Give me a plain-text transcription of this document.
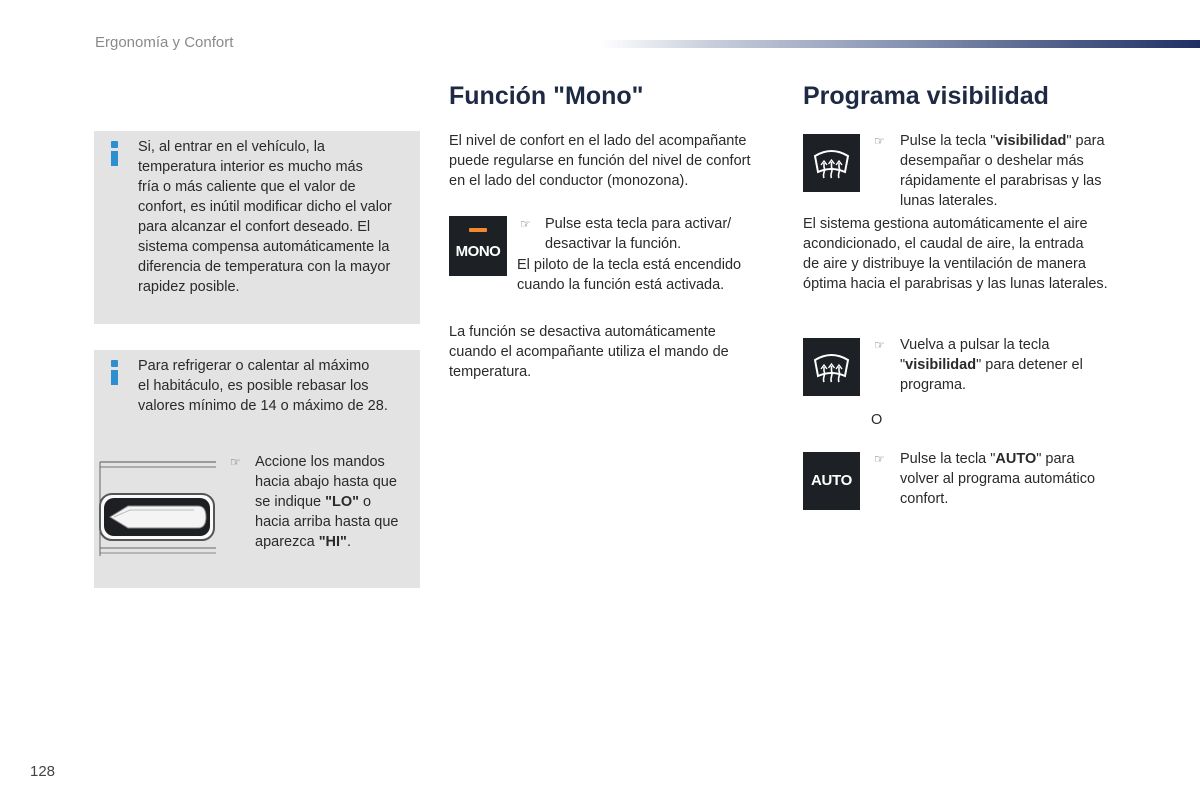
Ergonomía y Confort
Si, al entrar en el vehículo, la
temperatura interior es mucho más
fría o más caliente que el valor de
confort, es inútil modificar dicho el valor
para alcanzar el confort deseado. El
sistema compensa automáticamente la
diferencia de temperatura con la mayor
rapidez posible.
Para refrigerar o calentar al máximo
el habitáculo, es posible rebasar los
valores mínimo de 14 o máximo de 28.
☞ Accione los mandos
hacia abajo hasta que
se indique "LO" o
hacia arriba hasta que
aparezca "HI".
Función "Mono"
El nivel de confort en el lado del acompañante
puede regularse en función del nivel de confort
en el lado del conductor (monozona).
MONO
☞ Pulse esta tecla para activar/
desactivar la función.
El piloto de la tecla está encendido
cuando la función está activada.
La función se desactiva automáticamente
cuando el acompañante utiliza el mando de
temperatura.
Programa visibilidad
☞ Pulse la tecla "visibilidad" para
desempañar o deshelar más
rápidamente el parabrisas y las
lunas laterales.
El sistema gestiona automáticamente el aire
acondicionado, el caudal de aire, la entrada
de aire y distribuye la ventilación de manera
óptima hacia el parabrisas y las lunas laterales.
☞ Vuelva a pulsar la tecla
"visibilidad" para detener el
programa.
O
AUTO
☞ Pulse la tecla "AUTO" para
volver al programa automático
confort.
128
